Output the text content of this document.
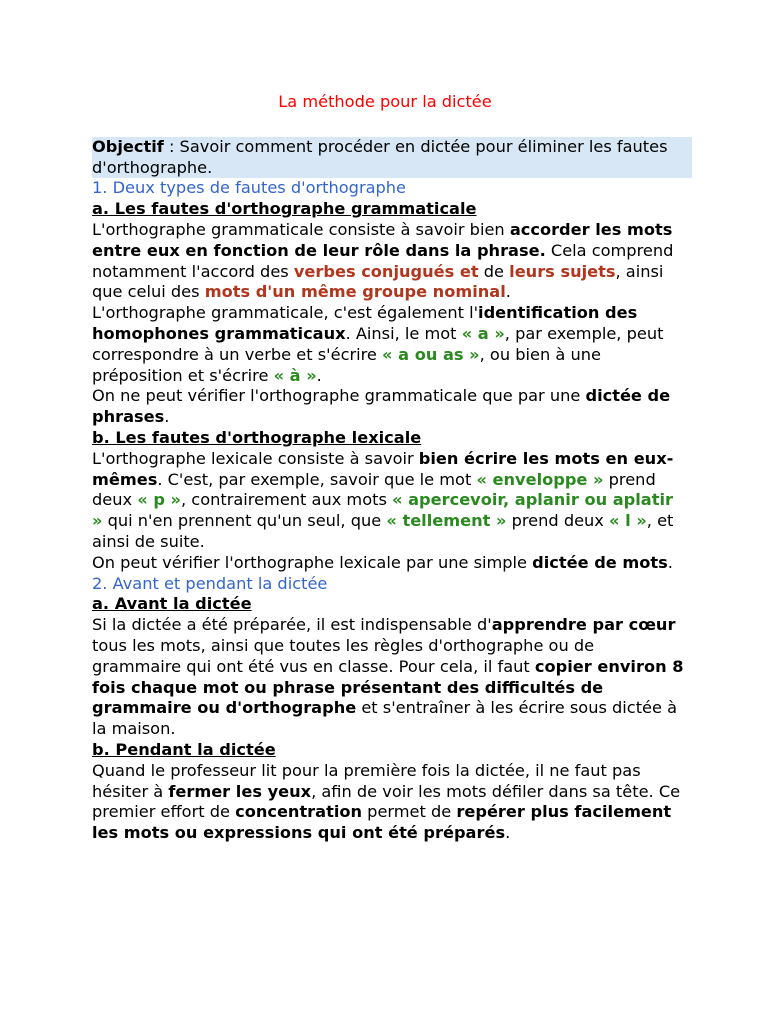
La méthode pour la dictée

Objectif : Savoir comment procéder en dictée pour éliminer les fautes d'orthographe.

1. Deux types de fautes d'orthographe

a. Les fautes d'orthographe grammaticale

L'orthographe grammaticale consiste à savoir bien accorder les mots entre eux en fonction de leur rôle dans la phrase. Cela comprend notamment l'accord des verbes conjugués et de leurs sujets, ainsi que celui des mots d'un même groupe nominal.

L'orthographe grammaticale, c'est également l'identification des homophones grammaticaux. Ainsi, le mot « a », par exemple, peut correspondre à un verbe et s'écrire « a ou as », ou bien à une préposition et s'écrire « à ».

On ne peut vérifier l'orthographe grammaticale que par une dictée de phrases.

b. Les fautes d'orthographe lexicale

L'orthographe lexicale consiste à savoir bien écrire les mots en eux-mêmes. C'est, par exemple, savoir que le mot « enveloppe » prend deux « p », contrairement aux mots « apercevoir, aplanir ou aplatir » qui n'en prennent qu'un seul, que « tellement » prend deux « l », et ainsi de suite.

On peut vérifier l'orthographe lexicale par une simple dictée de mots.

2. Avant et pendant la dictée

a. Avant la dictée

Si la dictée a été préparée, il est indispensable d'apprendre par cœur tous les mots, ainsi que toutes les règles d'orthographe ou de grammaire qui ont été vus en classe. Pour cela, il faut copier environ 8 fois chaque mot ou phrase présentant des difficultés de grammaire ou d'orthographe et s'entraîner à les écrire sous dictée à la maison.

b. Pendant la dictée

Quand le professeur lit pour la première fois la dictée, il ne faut pas hésiter à fermer les yeux, afin de voir les mots défiler dans sa tête. Ce premier effort de concentration permet de repérer plus facilement les mots ou expressions qui ont été préparés.
